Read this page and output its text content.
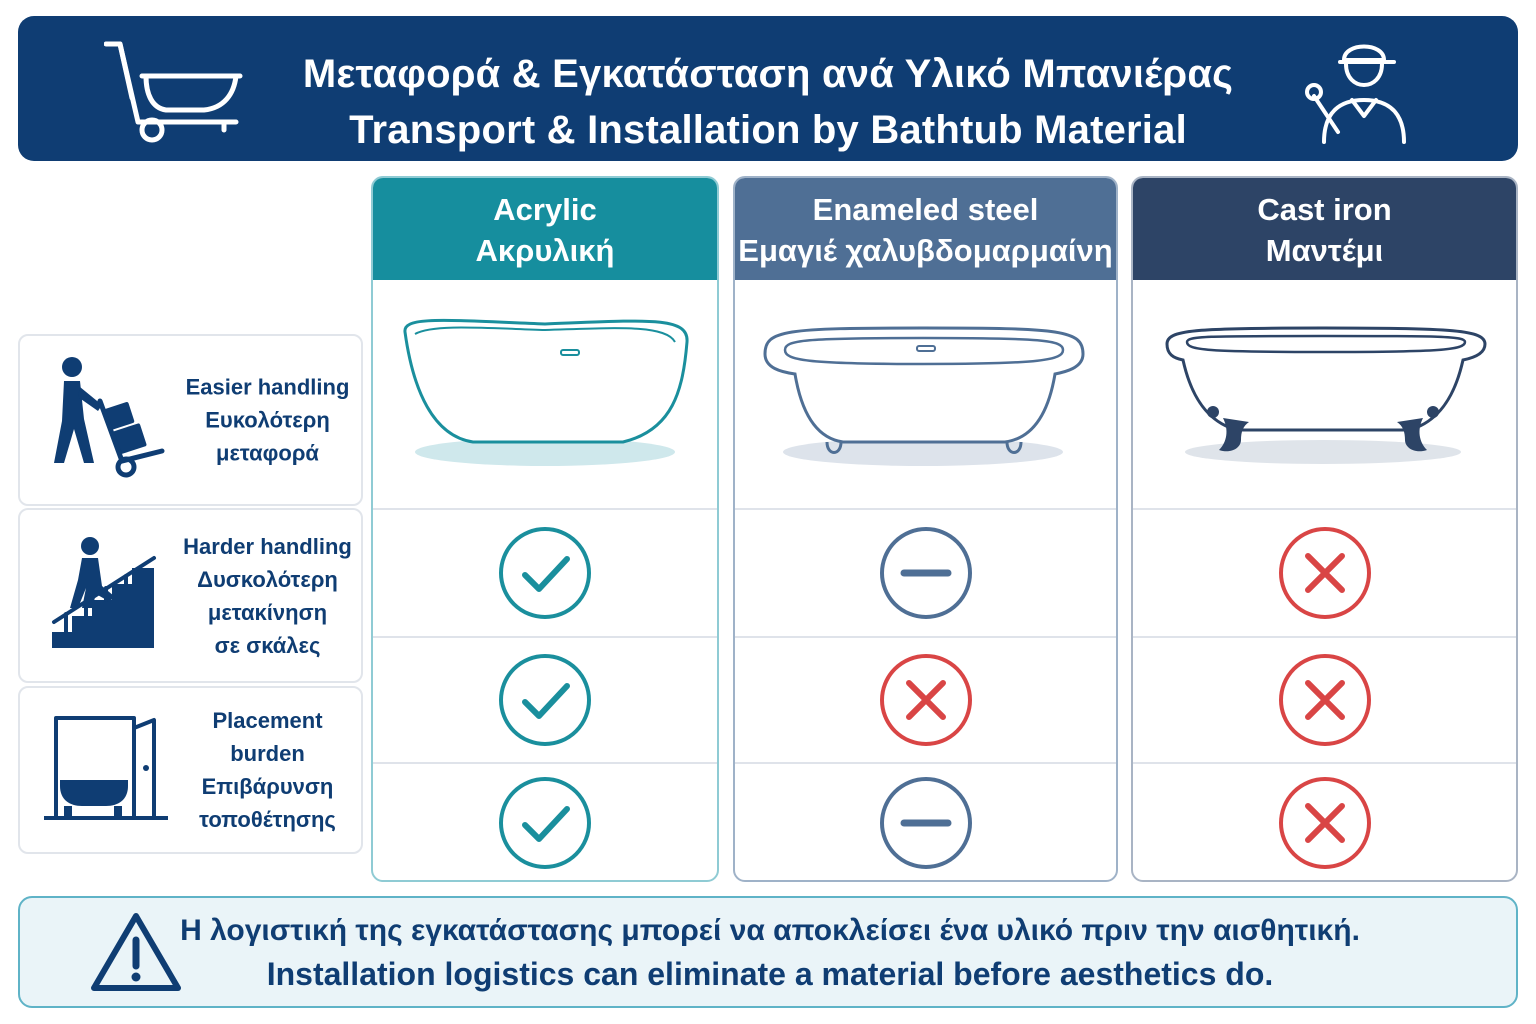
Μεταφορά & Εγκατάσταση ανά Υλικό Μπανιέρας
Transport & Installation by Bathtub Material
Easier handling
Ευκολότερη
μεταφορά
Harder handling
Δυσκολότερη
μετακίνηση
σε σκάλες
Placement burden
Επιβάρυνση
τοποθέτησης
Acrylic
Ακρυλική
Enameled steel
Εμαγιέ χαλυβδομαρμαίνη
Cast iron
Μαντέμι
Η λογιστική της εγκατάστασης μπορεί να αποκλείσει ένα υλικό πριν την αισθητική.
Installation logistics can eliminate a material before aesthetics do.
